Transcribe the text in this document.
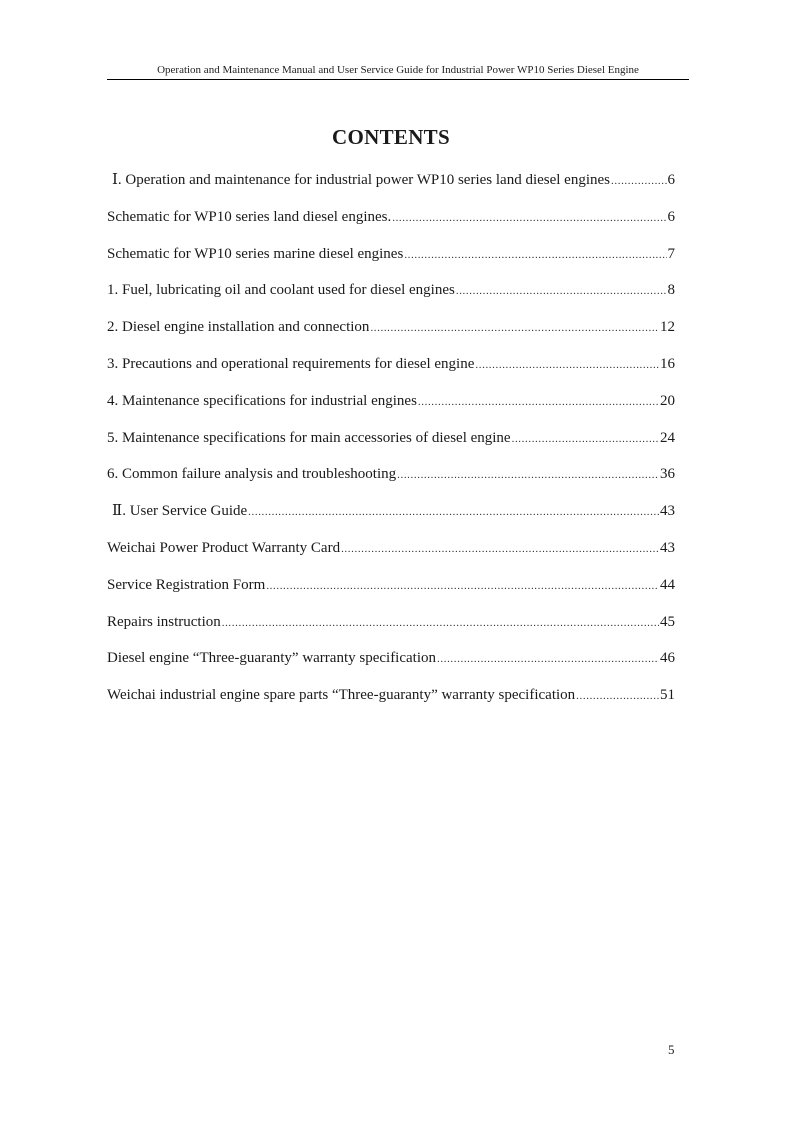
Operation and Maintenance Manual and User Service Guide for Industrial Power WP10 Series Diesel Engine
CONTENTS
Ⅰ. Operation and maintenance for industrial power WP10 series land diesel engines .....	6
Schematic for WP10 series land diesel engines. .....	6
Schematic for WP10 series marine diesel engines .....	7
1. Fuel, lubricating oil and coolant used for diesel engines .....	8
2. Diesel engine installation and connection .....	12
3. Precautions and operational requirements for diesel engine .....	16
4. Maintenance specifications for industrial engines .....	20
5. Maintenance specifications for main accessories of diesel engine .....	24
6. Common failure analysis and troubleshooting .....	36
Ⅱ. User Service Guide .....	43
Weichai Power Product Warranty Card .....	43
Service Registration Form .....	44
Repairs instruction .....	45
Diesel engine “Three-guaranty” warranty specification .....	46
Weichai industrial engine spare parts “Three-guaranty” warranty specification .....	51
5
